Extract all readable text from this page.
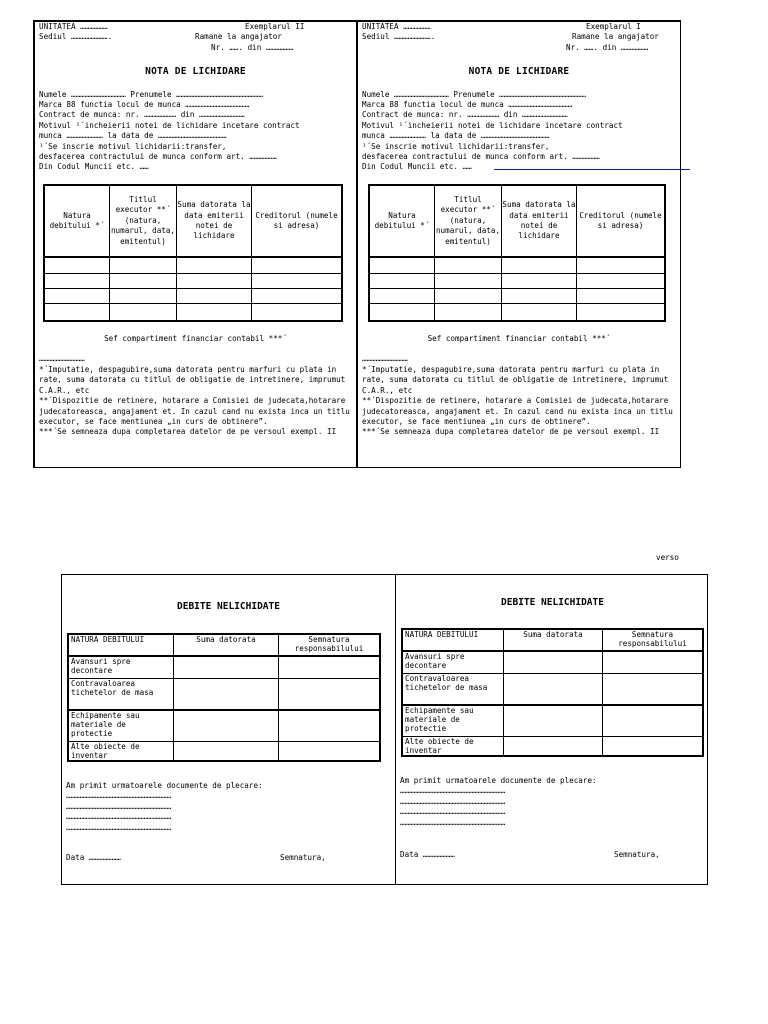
UNITATEA ………………	Exemplarul II
Sediul …………………….	Ramane la angajator
Nr. ……. din ………………
NOTA DE LICHIDARE
Numele ……………………………… Prenumele …………………………………………………
Marca 88 functia locul de munca ……………………………………
Contract de munca: nr. ………………… din …………………………
Motivul ¹´incheierii notei de lichidare incetare contract
munca …………………… la data de ………………………………………
¹´Se inscrie motivul lichidarii:transfer,
desfacerea contractului de munca conform art. ………………
Din Codul Muncii etc. ……
Natura debitului *´	Titlul executor **´ (natura, numarul, data, emitentul)	Suma datorata la data emiterii notei de lichidare	Creditorul (numele si adresa)

Sef compartiment financiar contabil ***´
…………………………
*´Imputatie, despagubire,suma datorata pentru marfuri cu plata in rate, suma datorata cu titlul de obligatie de intretinere, imprumut C.A.R., etc
**´Dispozitie de retinere, hotarare a Comisiei de judecata,hotarare judecatoreasca, angajament et. In cazul cand nu exista inca un titlu executor, se face mentiunea „in curs de obtinere”.
***´Se semneaza dupa completarea datelor de pe versoul exempl. II
UNITATEA ………………	Exemplarul I
Sediul …………………….	Ramane la angajator
Nr. ……. din ………………
NOTA DE LICHIDARE
Numele ……………………………… Prenumele …………………………………………………
Marca 88 functia locul de munca ……………………………………
Contract de munca: nr. ………………… din …………………………
Motivul ¹´incheierii notei de lichidare incetare contract
munca …………………… la data de ………………………………………
¹´Se inscrie motivul lichidarii:transfer,
desfacerea contractului de munca conform art. ………………
Din Codul Muncii etc. ……
Natura debitului *´	Titlul executor **´ (natura, numarul, data, emitentul)	Suma datorata la data emiterii notei de lichidare	Creditorul (numele si adresa)

Sef compartiment financiar contabil ***´
…………………………
*´Imputatie, despagubire,suma datorata pentru marfuri cu plata in rate, suma datorata cu titlul de obligatie de intretinere, imprumut C.A.R., etc
**´Dispozitie de retinere, hotarare a Comisiei de judecata,hotarare judecatoreasca, angajament et. In cazul cand nu exista inca un titlu executor, se face mentiunea „in curs de obtinere”.
***´Se semneaza dupa completarea datelor de pe versoul exempl. II
verso
DEBITE NELICHIDATE
NATURA DEBITULUI	Suma datorata	Semnatura responsabilului
Avansuri spre decontare		
Contravaloarea tichetelor de masa		
Echipamente sau materiale de protectie		
Alte obiecte de inventar		
Am primit urmatoarele documente de plecare:
……………………………………………………………
……………………………………………………………
……………………………………………………………
……………………………………………………………
Data …………………	Semnatura,
DEBITE NELICHIDATE
NATURA DEBITULUI	Suma datorata	Semnatura responsabilului
Avansuri spre decontare		
Contravaloarea tichetelor de masa		
Echipamente sau materiale de protectie		
Alte obiecte de inventar		
Am primit urmatoarele documente de plecare:
……………………………………………………………
……………………………………………………………
……………………………………………………………
……………………………………………………………
Data …………………	Semnatura,
